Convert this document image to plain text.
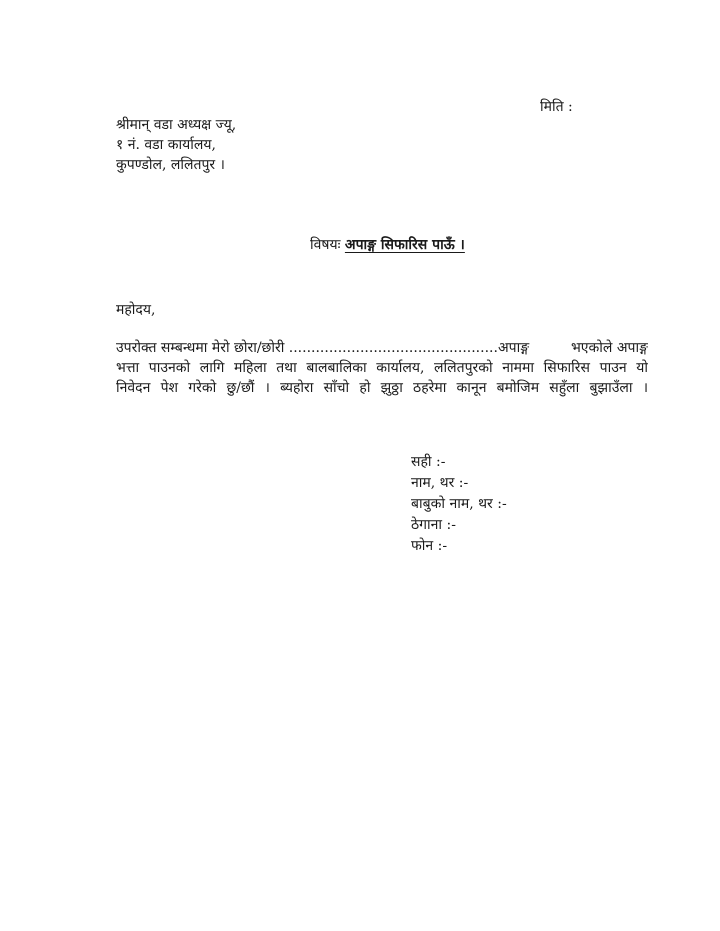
मिति :
श्रीमान् वडा अध्यक्ष ज्यू,
१ नं. वडा कार्यालय,
कुपण्डोल, ललितपुर ।
विषयः अपाङ्ग सिफारिस पाऊँ ।
महोदय,
उपरोक्त सम्बन्धमा मेरो छोरा/छोरी ...............................................अपाङ्ग	भएकोले अपाङ्ग
भत्ता पाउनको लागि महिला तथा बालबालिका कार्यालय, ललितपुरको नाममा सिफारिस पाउन यो
निवेदन पेश गरेको छु/छौं । ब्यहोरा साँचो हो झुठ्ठा ठहरेमा कानून बमोजिम सहुँला बुझाउँला ।
सही :-
नाम, थर :-
बाबुको नाम, थर :-
ठेगाना :-
फोन :-
